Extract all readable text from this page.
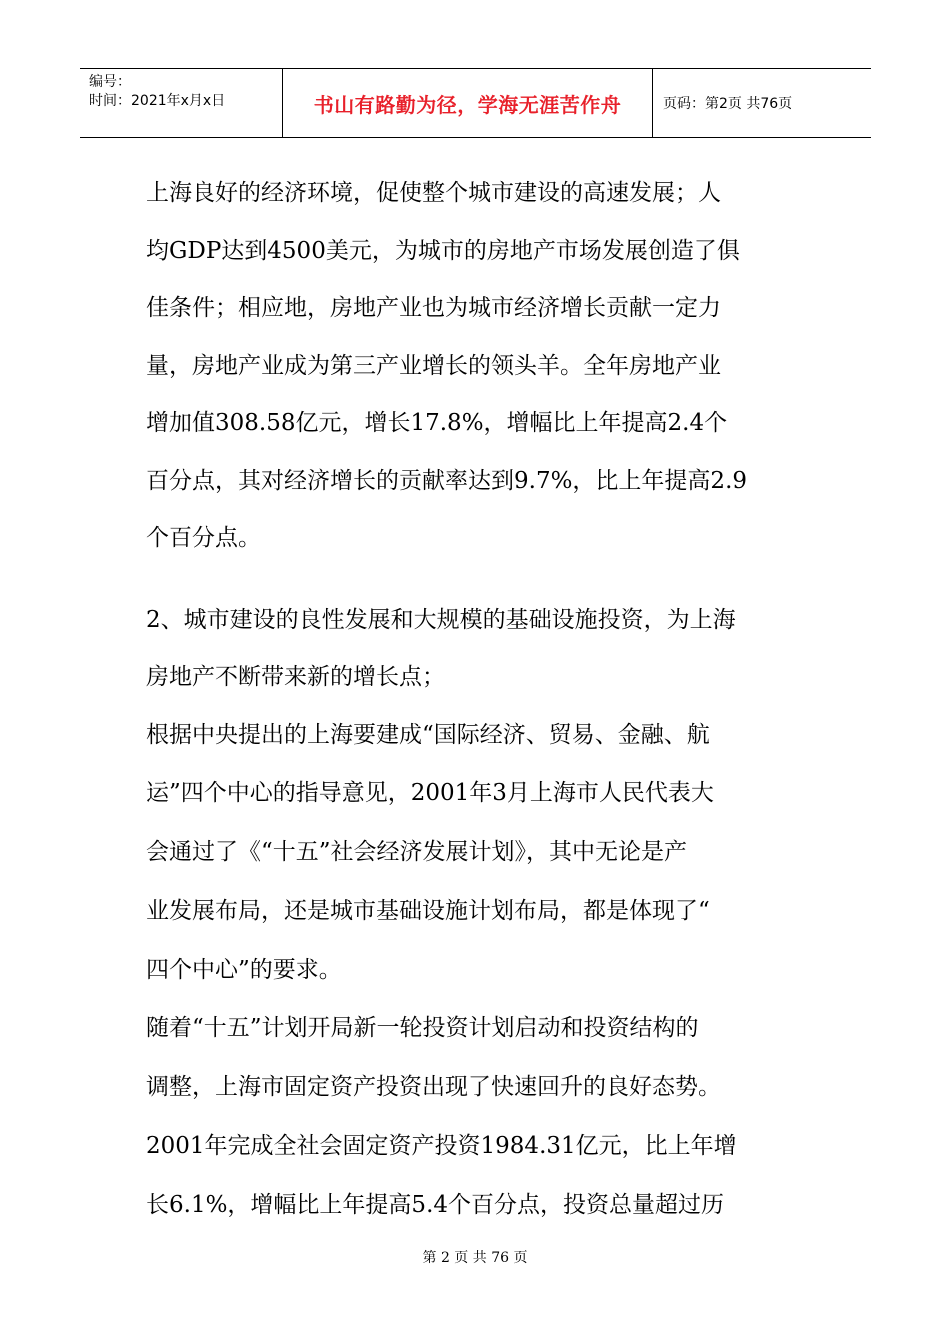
编号：
时间：2021年x月x日	书山有路勤为径，学海无涯苦作舟	页码：第2页 共76页

上海良好的经济环境，促使整个城市建设的高速发展；人
均GDP达到4500美元，为城市的房地产市场发展创造了俱
佳条件；相应地，房地产业也为城市经济增长贡献一定力
量，房地产业成为第三产业增长的领头羊。全年房地产业
增加值308.58亿元，增长17.8%，增幅比上年提高2.4个
百分点，其对经济增长的贡献率达到9.7%，比上年提高2.9
个百分点。

2、城市建设的良性发展和大规模的基础设施投资，为上海
房地产不断带来新的增长点；

根据中央提出的上海要建成“国际经济、贸易、金融、航
运”四个中心的指导意见，2001年3月上海市人民代表大
会通过了《“十五”社会经济发展计划》，其中无论是产
业发展布局，还是城市基础设施计划布局，都是体现了“
四个中心”的要求。

随着“十五”计划开局新一轮投资计划启动和投资结构的
调整，上海市固定资产投资出现了快速回升的良好态势。
2001年完成全社会固定资产投资1984.31亿元，比上年增
长6.1%，增幅比上年提高5.4个百分点，投资总量超过历

第 2 页 共 76 页
